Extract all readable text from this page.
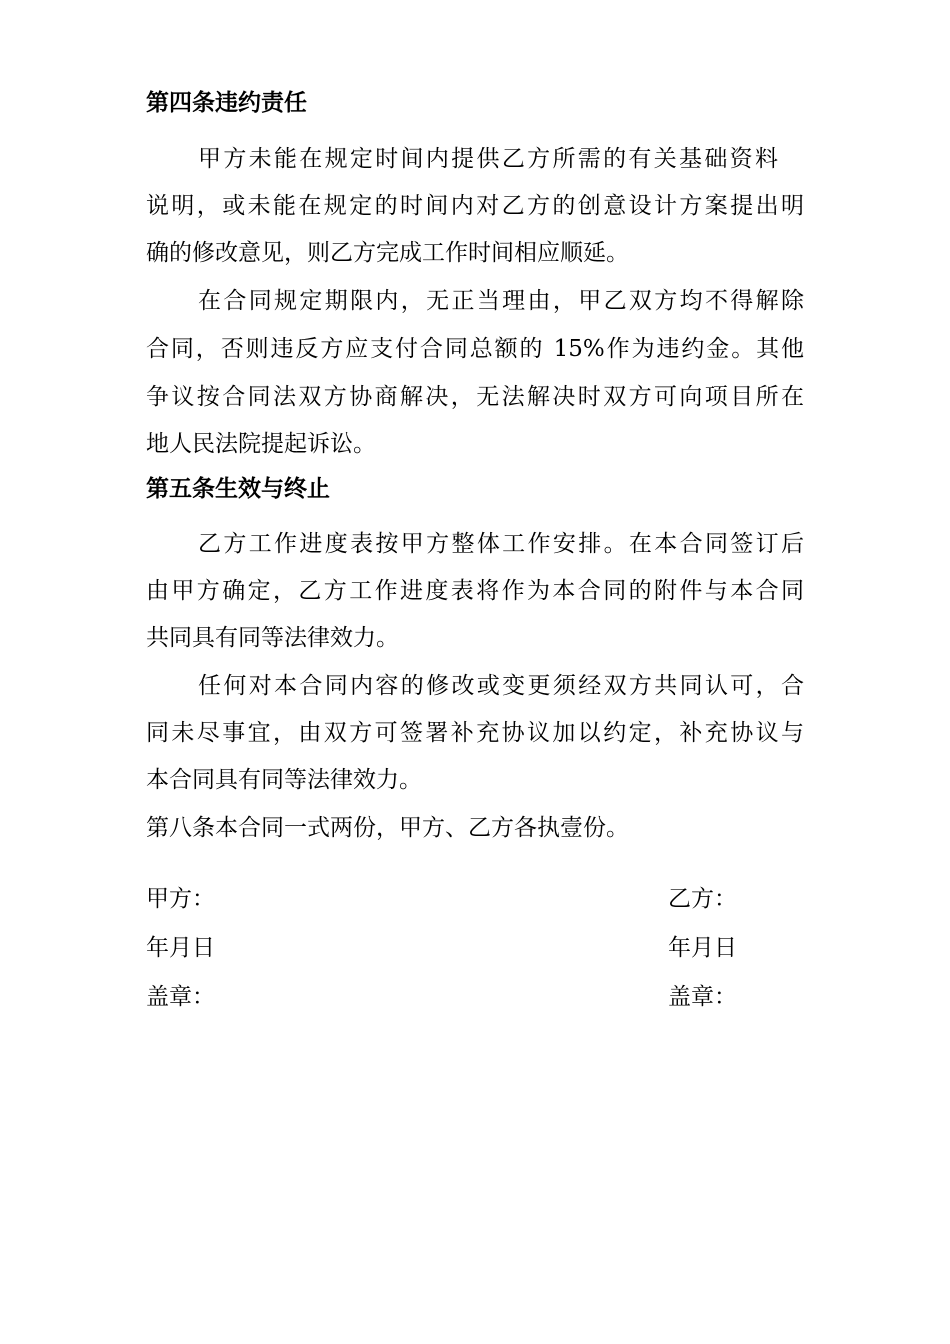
第四条违约责任
甲方未能在规定时间内提供乙方所需的有关基础资料
说明，或未能在规定的时间内对乙方的创意设计方案提出明
确的修改意见，则乙方完成工作时间相应顺延。
在合同规定期限内，无正当理由，甲乙双方均不得解除
合同，否则违反方应支付合同总额的 15%作为违约金。其他
争议按合同法双方协商解决，无法解决时双方可向项目所在
地人民法院提起诉讼。
第五条生效与终止
乙方工作进度表按甲方整体工作安排。在本合同签订后
由甲方确定，乙方工作进度表将作为本合同的附件与本合同
共同具有同等法律效力。
任何对本合同内容的修改或变更须经双方共同认可，合
同未尽事宜，由双方可签署补充协议加以约定，补充协议与
本合同具有同等法律效力。
第八条本合同一式两份，甲方、乙方各执壹份。
甲方：
年月日
盖章：
乙方：
年月日
盖章：
